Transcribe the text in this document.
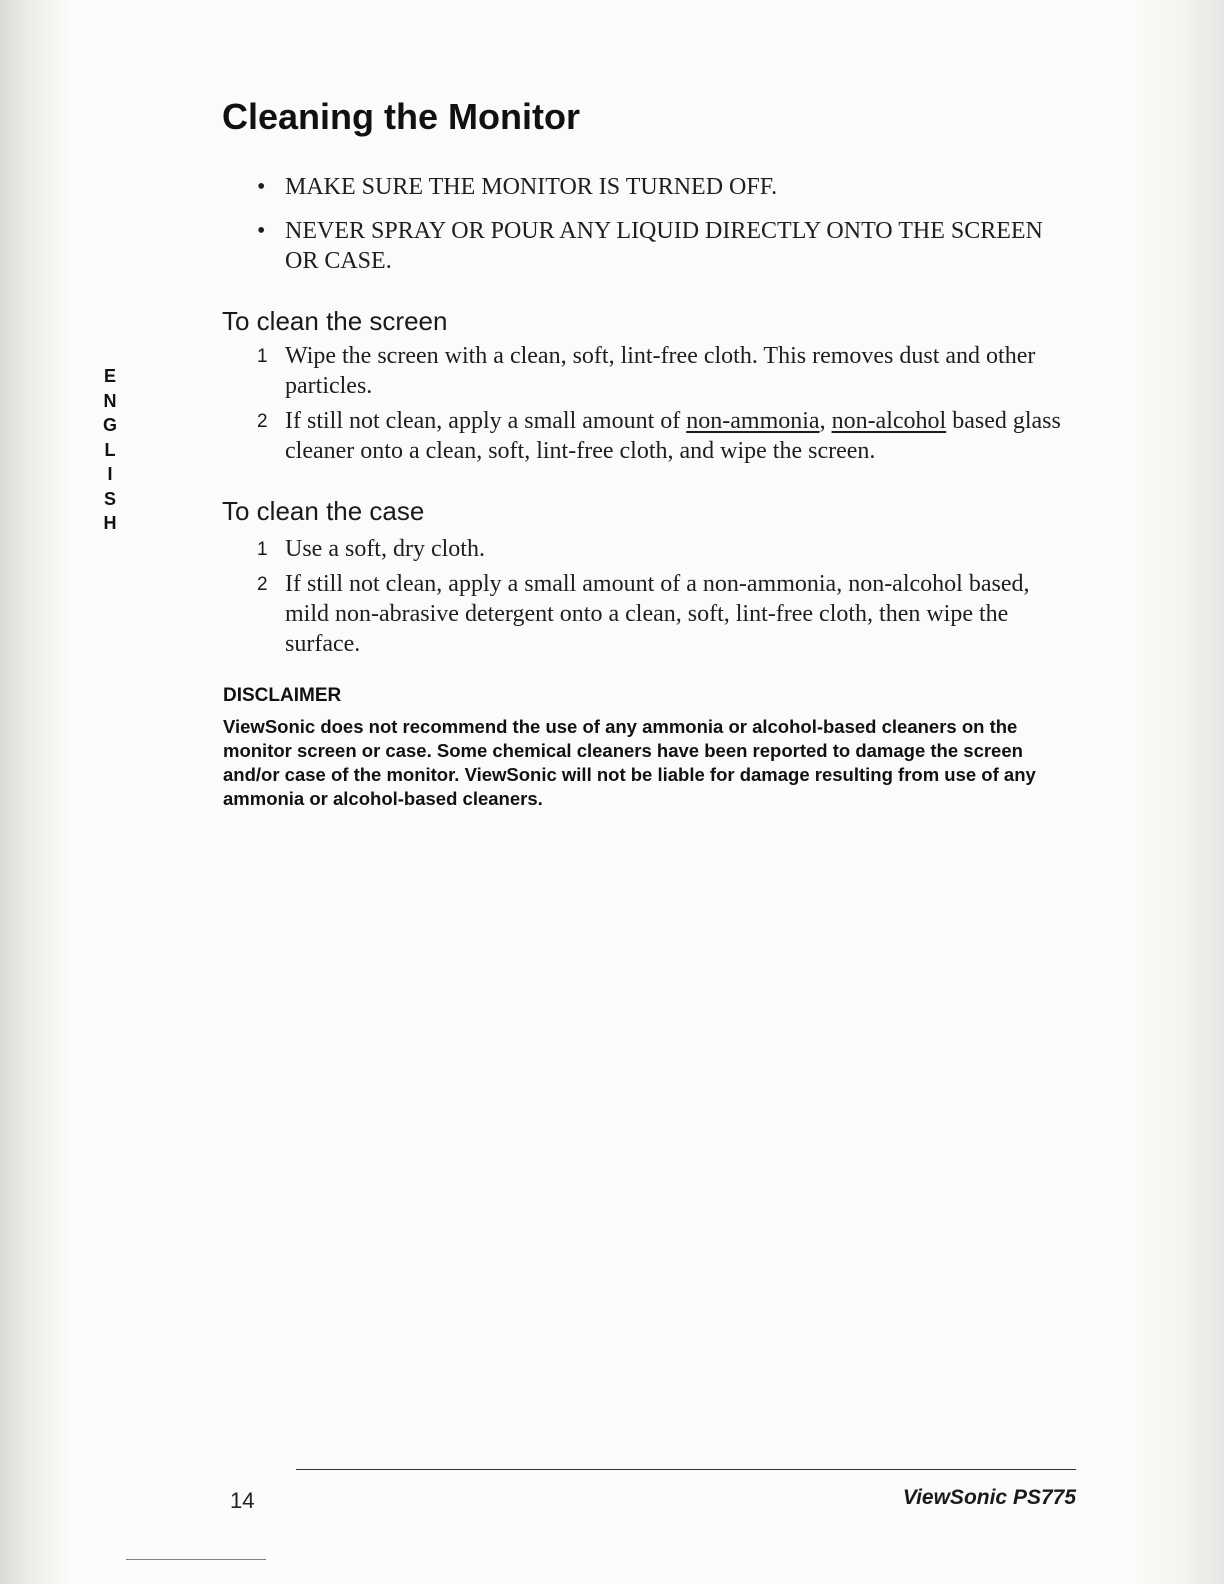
E
N
G
L
I
S
H
Cleaning the Monitor
• MAKE SURE THE MONITOR IS TURNED OFF.
• NEVER SPRAY OR POUR ANY LIQUID DIRECTLY ONTO THE SCREEN OR CASE.
To clean the screen
1 Wipe the screen with a clean, soft, lint-free cloth. This removes dust and other particles.
2 If still not clean, apply a small amount of non-ammonia, non-alcohol based glass cleaner onto a clean, soft, lint-free cloth, and wipe the screen.
To clean the case
1 Use a soft, dry cloth.
2 If still not clean, apply a small amount of a non-ammonia, non-alcohol based, mild non-abrasive detergent onto a clean, soft, lint-free cloth, then wipe the surface.
DISCLAIMER

ViewSonic does not recommend the use of any ammonia or alcohol-based cleaners on the monitor screen or case. Some chemical cleaners have been reported to damage the screen and/or case of the monitor. ViewSonic will not be liable for damage resulting from use of any ammonia or alcohol-based cleaners.

14	ViewSonic PS775
